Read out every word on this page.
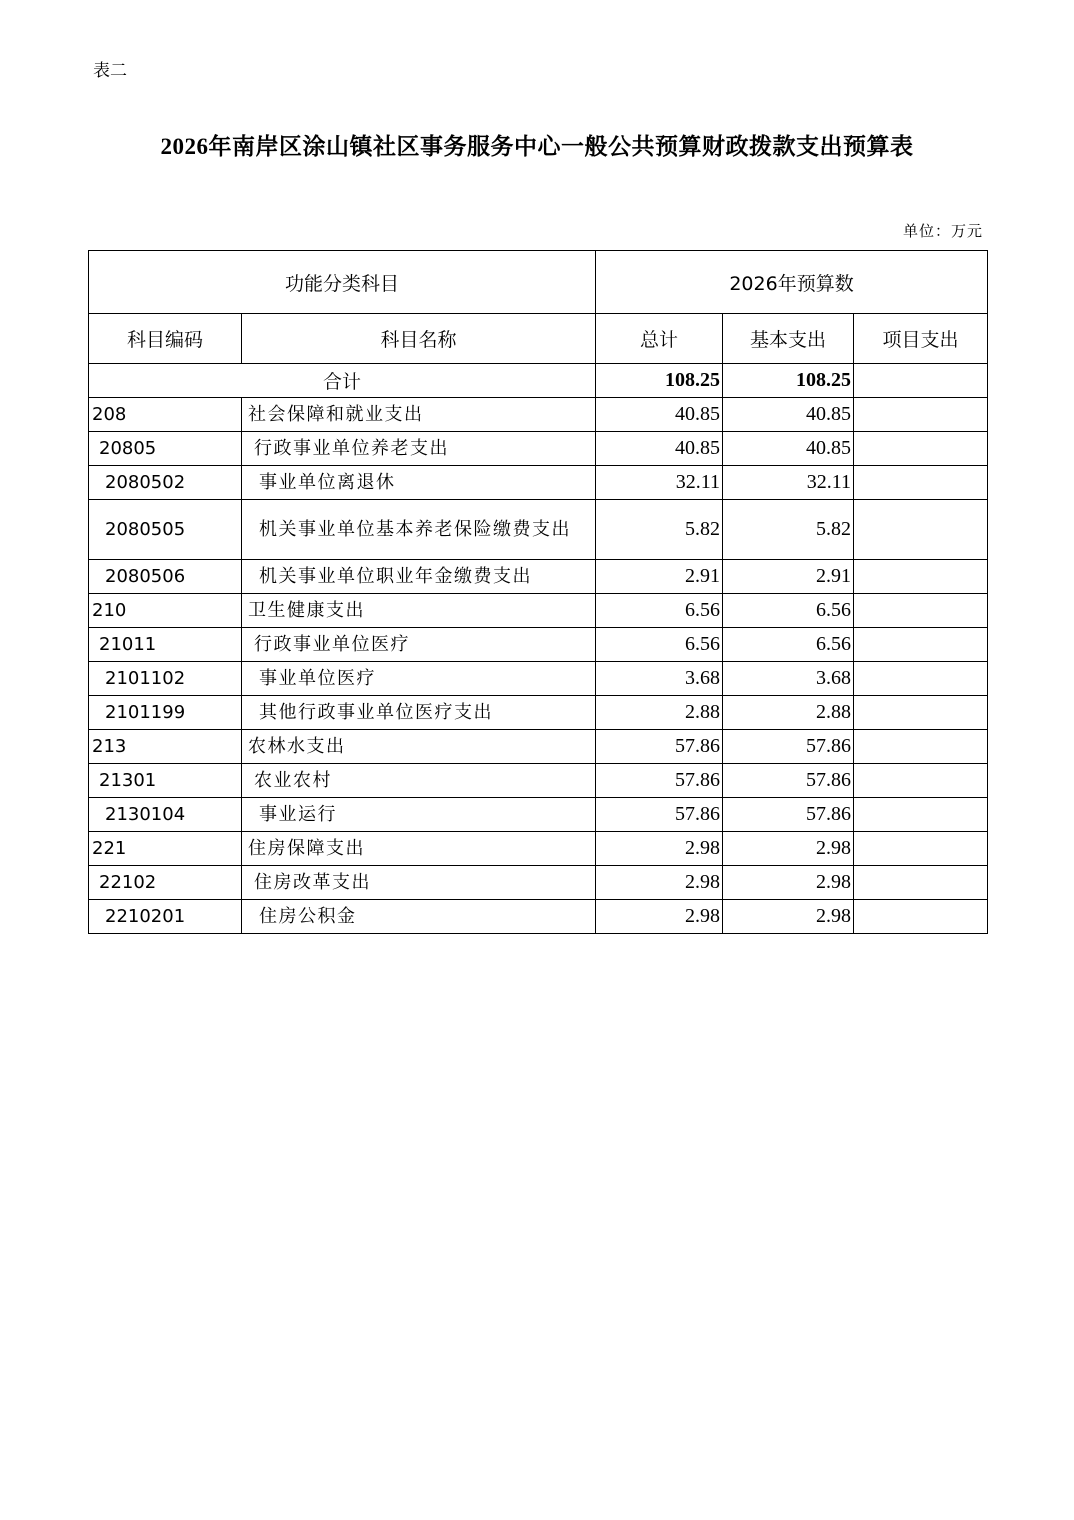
表二
2026年南岸区涂山镇社区事务服务中心一般公共预算财政拨款支出预算表
单位：万元
功能分类科目		2026年预算数		
科目编码	科目名称	总计	基本支出	项目支出
合计		108.25	108.25	
208	社会保障和就业支出	40.85	40.85	
20805	行政事业单位养老支出	40.85	40.85	
2080502	事业单位离退休	32.11	32.11	
2080505	机关事业单位基本养老保险缴费支出	5.82	5.82	
2080506	机关事业单位职业年金缴费支出	2.91	2.91	
210	卫生健康支出	6.56	6.56	
21011	行政事业单位医疗	6.56	6.56	
2101102	事业单位医疗	3.68	3.68	
2101199	其他行政事业单位医疗支出	2.88	2.88	
213	农林水支出	57.86	57.86	
21301	农业农村	57.86	57.86	
2130104	事业运行	57.86	57.86	
221	住房保障支出	2.98	2.98	
22102	住房改革支出	2.98	2.98	
2210201	住房公积金	2.98	2.98	
